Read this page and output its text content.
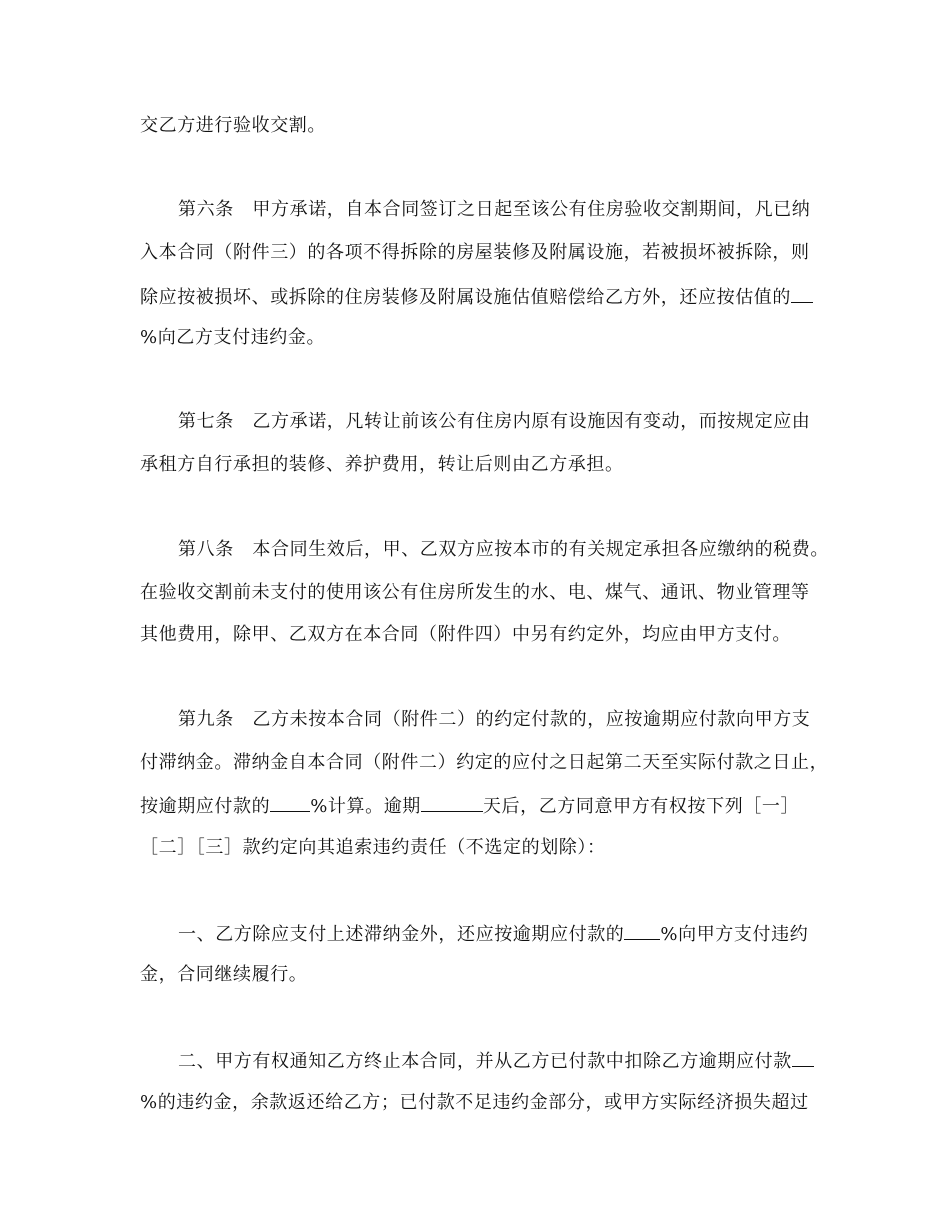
交乙方进行验收交割。
第六条　甲方承诺，自本合同签订之日起至该公有住房验收交割期间，凡已纳
入本合同（附件三）的各项不得拆除的房屋装修及附属设施，若被损坏被拆除，则
除应按被损坏、或拆除的住房装修及附属设施估值赔偿给乙方外，还应按估值的
%向乙方支付违约金。
第七条　乙方承诺，凡转让前该公有住房内原有设施因有变动，而按规定应由
承租方自行承担的装修、养护费用，转让后则由乙方承担。
第八条　本合同生效后，甲、乙双方应按本市的有关规定承担各应缴纳的税费。
在验收交割前未支付的使用该公有住房所发生的水、电、煤气、通讯、物业管理等
其他费用，除甲、乙双方在本合同（附件四）中另有约定外，均应由甲方支付。
第九条　乙方未按本合同（附件二）的约定付款的，应按逾期应付款向甲方支
付滞纳金。滞纳金自本合同（附件二）约定的应付之日起第二天至实际付款之日止，
按逾期应付款的 %计算。逾期	天后，乙方同意甲方有权按下列［一］
［二］［三］款约定向其追索违约责任（不选定的划除）：
一、乙方除应支付上述滞纳金外，还应按逾期应付款的 %向甲方支付违约
金，合同继续履行。
二、甲方有权通知乙方终止本合同，并从乙方已付款中扣除乙方逾期应付款
%的违约金，余款返还给乙方；已付款不足违约金部分，或甲方实际经济损失超过
